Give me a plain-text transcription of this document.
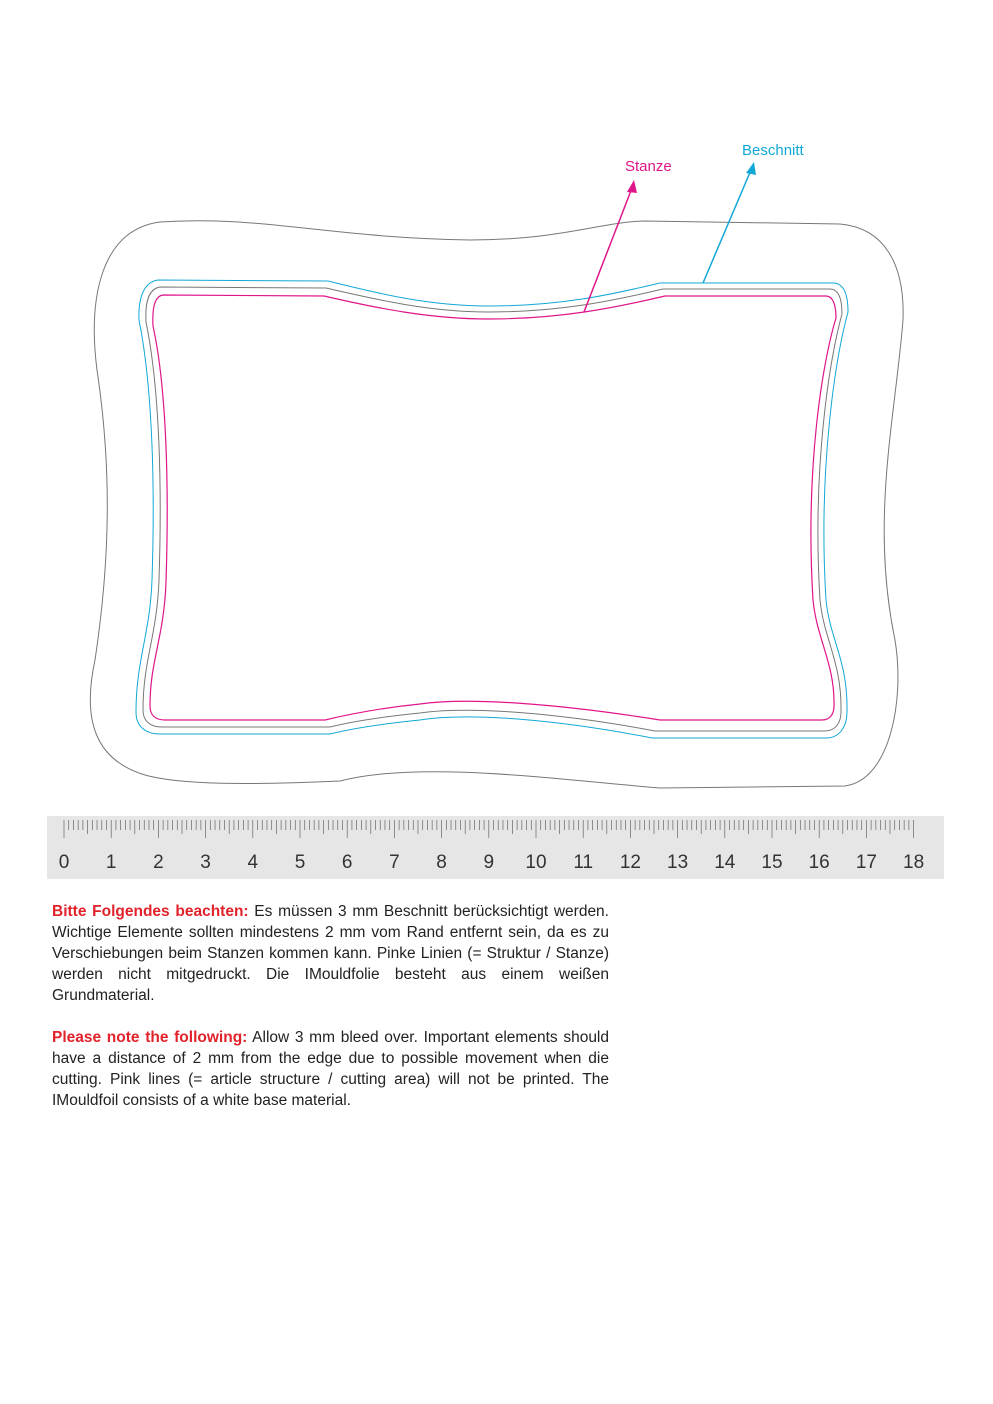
Stanze
Beschnitt
0 1 2 3 4 5 6 7 8 9 10 11 12 13 14 15 16 17 18
Bitte Folgendes beachten: Es müssen 3 mm Beschnitt berücksichtigt werden. Wichtige Elemente sollten mindestens 2 mm vom Rand entfernt sein, da es zu Verschiebungen beim Stanzen kommen kann. Pinke Linien (= Struktur / Stanze) werden nicht mitgedruckt. Die IMouldfolie besteht aus einem weißen Grundmaterial.
Please note the following: Allow 3 mm bleed over. Important elements should have a distance of 2 mm from the edge due to possible movement when die cutting. Pink lines (= article structure / cutting area) will not be printed. The IMouldfoil consists of a white base material.
